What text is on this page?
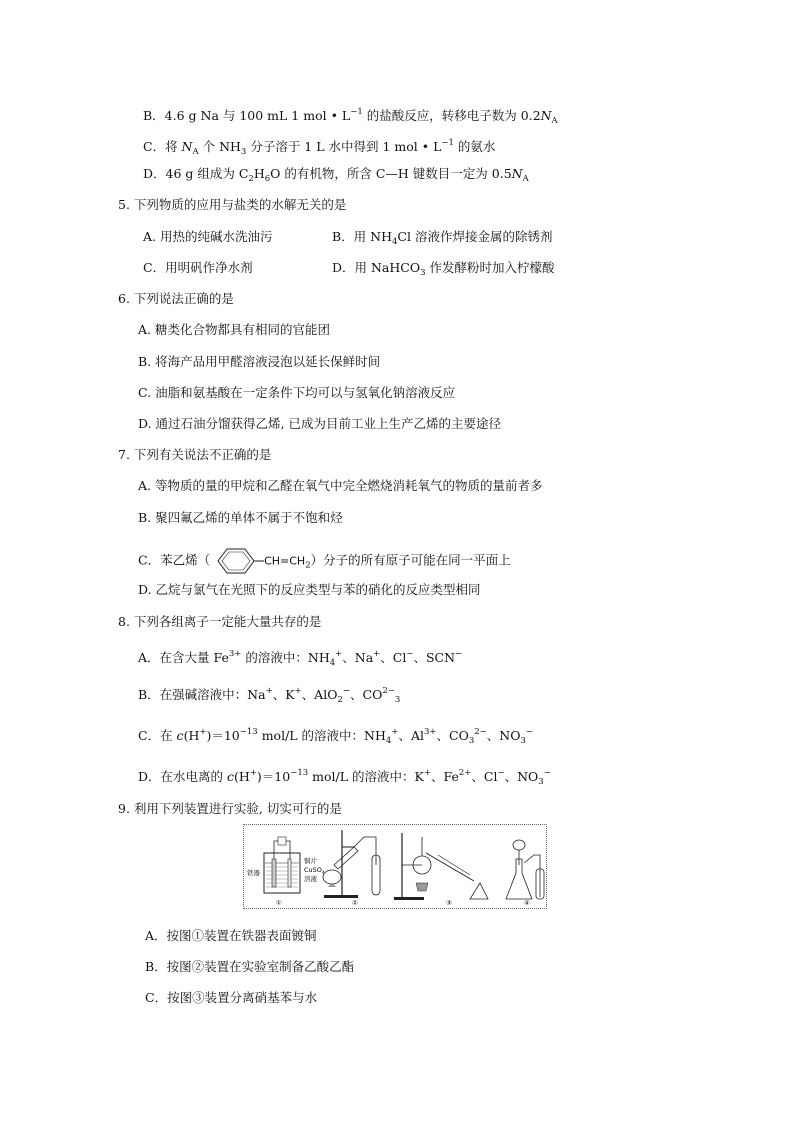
B．4.6 g Na 与 100 mL 1 mol • $L^{-1}$ 的盐酸反应，转移电子数为 $0.2N_A$
C．将 $N_A$ 个 $NH_3$ 分子溶于 1 L 水中得到 1 mol • $L^{-1}$ 的氨水
D．46 g 组成为 $C_2H_6O$ 的有机物，所含 C—H 键数目一定为 $0.5N_A$
5. 下列物质的应用与盐类的水解无关的是
A. 用热的纯碱水洗油污	B．用 $NH_4Cl$ 溶液作焊接金属的除锈剂
C．用明矾作净水剂	D．用 NaHCO$_3$ 作发酵粉时加入柠檬酸
6. 下列说法正确的是
A. 糖类化合物都具有相同的官能团
B. 将海产品用甲醛溶液浸泡以延长保鲜时间
C. 油脂和氨基酸在一定条件下均可以与氢氧化钠溶液反应
D. 通过石油分馏获得乙烯, 已成为目前工业上生产乙烯的主要途径
7. 下列有关说法不正确的是
A. 等物质的量的甲烷和乙醛在氧气中完全燃烧消耗氧气的物质的量前者多
B. 聚四氟乙烯的单体不属于不饱和烃
C．苯乙烯（	$CH=CH_2$）分子的所有原子可能在同一平面上
D. 乙烷与氯气在光照下的反应类型与苯的硝化的反应类型相同
8. 下列各组离子一定能大量共存的是
A．在含大量 $Fe^{3+}$ 的溶液中：$NH_4^+$、Na+、Cl−、SCN−
B．在强碱溶液中：Na+、K+、AlO$_2$−、$CO^{2-}_3$
C．在 $c(H^+)=10^{-13}$ mol/L 的溶液中：$NH_4^+$、$Al^{3+}$、$CO_3^{2-}$、$NO_3^-$
D．在水电离的 $c(H^+)=10^{-13}$ mol/L 的溶液中：K+、$Fe^{2+}$、Cl−、$NO_3^-$
9. 利用下列装置进行实验, 切实可行的是
铁器
铜片
CuSO$_4$
溶液
①	②	③	④
A．按图①装置在铁器表面镀铜
B．按图②装置在实验室制备乙酸乙酯
C．按图③装置分离硝基苯与水
